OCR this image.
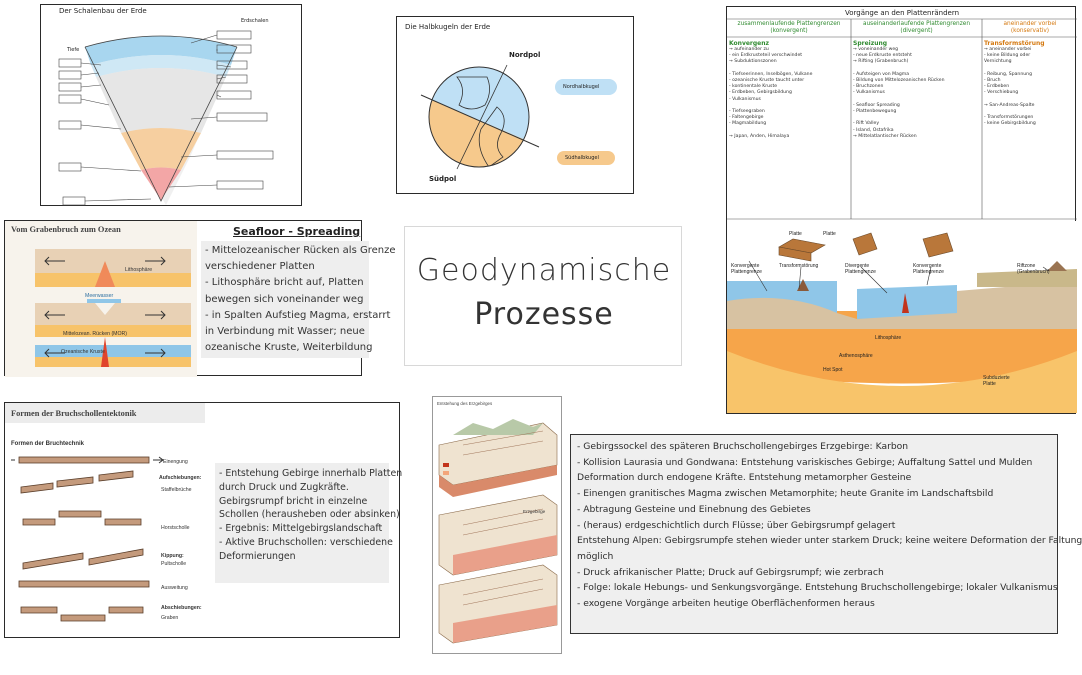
Der Schalenbau der Erde
Erdschalen
Tiefe
Die Halbkugeln der Erde
Nordpol
Südpol
Nordhalbkugel
Südhalbkugel
Vorgänge an den Plattenrändern
zusammenlaufende Plattengrenzen (konvergent)
Konvergenz
→ aufeinander zu
- ein Erdkrusteteil verschwindet
→ Subduktionszonen

- Tiefseerinnen, Inselbögen, Vulkane
- ozeanische Kruste taucht unter
- kontinentale Kruste
- Erdbeben, Gebirgsbildung
- Vulkanismus

- Tiefseegraben
- Faltengebirge
- Magmabildung

→ Japan, Anden, Himalaya
auseinanderlaufende Plattengrenzen (divergent)
Spreizung
→ voneinander weg
- neue Erdkruste entsteht
→ Rifting (Grabenbruch)

- Aufsteigen von Magma
- Bildung von Mittelozeanischen Rücken
- Bruchzonen
- Vulkanismus

- Seafloor Spreading
- Plattenbewegung

- Rift Valley
- Island, Ostafrika
→ Mittelatlantischer Rücken
aneinander vorbei (konservativ)
Transformstörung
→ aneinander vorbei
- keine Bildung oder
Vernichtung

- Reibung, Spannung
- Bruch
- Erdbeben
- Verschiebung

→ San-Andreas-Spalte

- Transformstörungen
- keine Gebirgsbildung
Platte	Platte
Konvergente Plattengrenze
Transformstörung	Divergente Plattengrenze
Konvergente Plattengrenze
Riftzone (Grabenbruch)
Lithosphäre
Asthenosphäre
Hot Spot
Subduzierte Platte
Vom Grabenbruch zum Ozean
Lithosphäre
Meerwasser
Mittelozean. Rücken (MOR)
Ozeanische Kruste
Seafloor - Spreading
- Mittelozeanischer Rücken als Grenze
verschiedener Platten
- Lithosphäre bricht auf, Platten
bewegen sich voneinander weg
- in Spalten Aufstieg Magma, erstarrt
in Verbindung mit Wasser; neue
ozeanische Kruste, Weiterbildung
Geodynamische
Prozesse
Formen der Bruchschollentektonik
Formen der Bruchtechnik
Einengung
Aufschiebungen:
Staffelbrüche
Horstscholle
Kippung:
Pultscholle
Ausweitung
Abschiebungen:
Graben
- Entstehung Gebirge innerhalb Platten
durch Druck und Zugkräfte.
Gebirgsrumpf bricht in einzelne
Schollen (herausheben oder absinken)
- Ergebnis: Mittelgebirgslandschaft
- Aktive Bruchschollen: verschiedene
Deformierungen
Entstehung des Erzgebirges
Erzgebirge
- Gebirgssockel des späteren Bruchschollengebirges Erzgebirge: Karbon
- Kollision Laurasia und Gondwana: Entstehung variskisches Gebirge; Auffaltung Sattel und Mulden
Deformation durch endogene Kräfte. Entstehung metamorpher Gesteine
- Einengen granitisches Magma zwischen Metamorphite; heute Granite im Landschaftsbild
- Abtragung Gesteine und Einebnung des Gebietes
- (heraus) erdgeschichtlich durch Flüsse; über Gebirgsrumpf gelagert
Entstehung Alpen: Gebirgsrumpfe stehen wieder unter starkem Druck; keine weitere Deformation der Faltung
möglich
- Druck afrikanischer Platte; Druck auf Gebirgsrumpf; wie zerbrach
- Folge: lokale Hebungs- und Senkungsvorgänge. Entstehung Bruchschollengebirge; lokaler Vulkanismus
- exogene Vorgänge arbeiten heutige Oberflächenformen heraus
